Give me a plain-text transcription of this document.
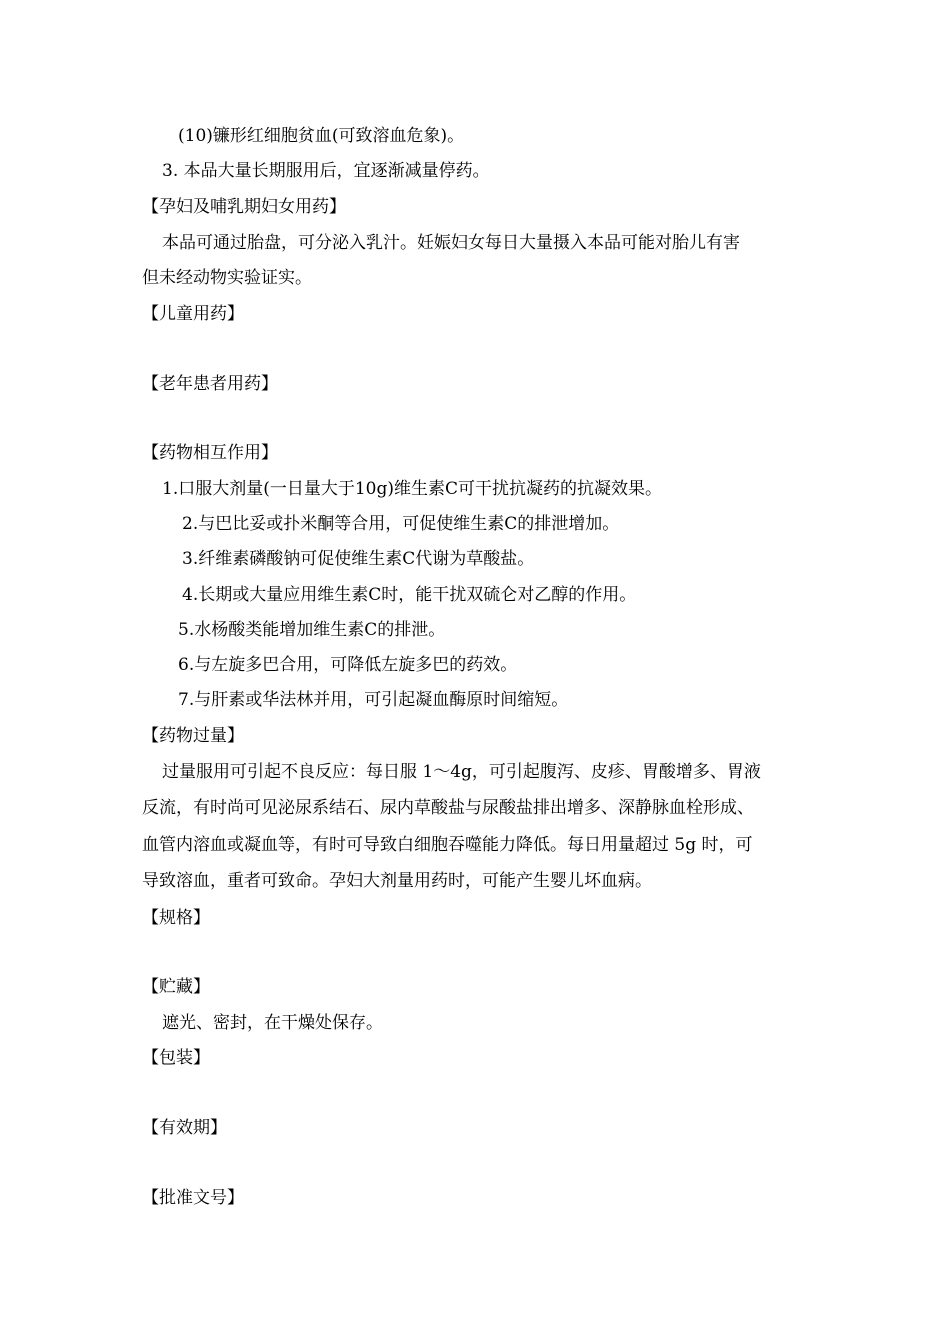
(10)镰形红细胞贫血(可致溶血危象)。
3. 本品大量长期服用后，宜逐渐减量停药。
【孕妇及哺乳期妇女用药】
本品可通过胎盘，可分泌入乳汁。妊娠妇女每日大量摄入本品可能对胎儿有害
但未经动物实验证实。
【儿童用药】
【老年患者用药】
【药物相互作用】
1.口服大剂量(一日量大于10g)维生素C可干扰抗凝药的抗凝效果。
2.与巴比妥或扑米酮等合用，可促使维生素C的排泄增加。
3.纤维素磷酸钠可促使维生素C代谢为草酸盐。
4.长期或大量应用维生素C时，能干扰双硫仑对乙醇的作用。
5.水杨酸类能增加维生素C的排泄。
6.与左旋多巴合用，可降低左旋多巴的药效。
7.与肝素或华法林并用，可引起凝血酶原时间缩短。
【药物过量】
过量服用可引起不良反应：每日服 1～4g，可引起腹泻、皮疹、胃酸增多、胃液
反流，有时尚可见泌尿系结石、尿内草酸盐与尿酸盐排出增多、深静脉血栓形成、
血管内溶血或凝血等，有时可导致白细胞吞噬能力降低。每日用量超过 5g 时，可
导致溶血，重者可致命。孕妇大剂量用药时，可能产生婴儿坏血病。
【规格】
【贮藏】
遮光、密封，在干燥处保存。
【包装】
【有效期】
【批准文号】
